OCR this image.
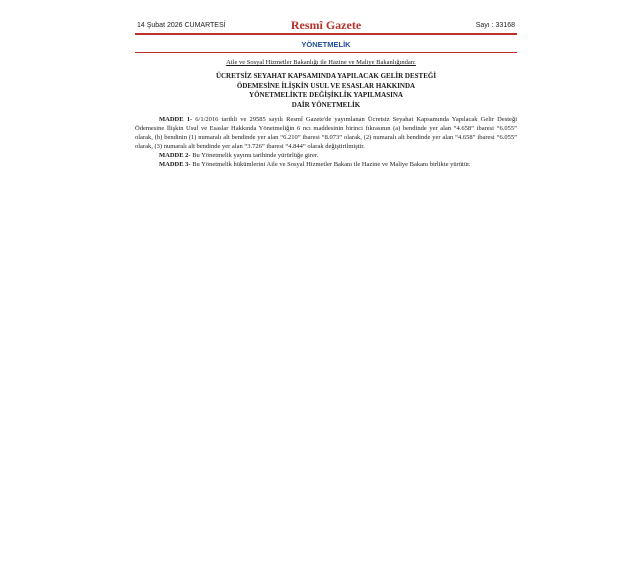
14 Şubat 2026 CUMARTESİ	Resmî Gazete	Sayı : 33168
YÖNETMELİK
Aile ve Sosyal Hizmetler Bakanlığı ile Hazine ve Maliye Bakanlığından:
ÜCRETSİZ SEYAHAT KAPSAMINDA YAPILACAK GELİR DESTEĞİ
ÖDEMESİNE İLİŞKİN USUL VE ESASLAR HAKKINDA
YÖNETMELİKTE DEĞİŞİKLİK YAPILMASINA
DAİR YÖNETMELİK

MADDE 1- 6/1/2016 tarihli ve 29585 sayılı Resmî Gazete'de yayımlanan Ücretsiz Seyahat Kapsamında Yapılacak Gelir Desteği Ödemesine İlişkin Usul ve Esaslar Hakkında Yönetmeliğin 6 ncı maddesinin birinci fıkrasının (a) bendinde yer alan “4.658” ibaresi “6.055” olarak, (b) bendinin (1) numaralı alt bendinde yer alan “6.210” ibaresi “8.073” olarak, (2) numaralı alt bendinde yer alan “4.658” ibaresi “6.055” olarak, (3) numaralı alt bendinde yer alan “3.726” ibaresi “4.844” olarak değiştirilmiştir.

MADDE 2- Bu Yönetmelik yayımı tarihinde yürürlüğe girer.

MADDE 3- Bu Yönetmelik hükümlerini Aile ve Sosyal Hizmetler Bakanı ile Hazine ve Maliye Bakanı birlikte yürütür.
